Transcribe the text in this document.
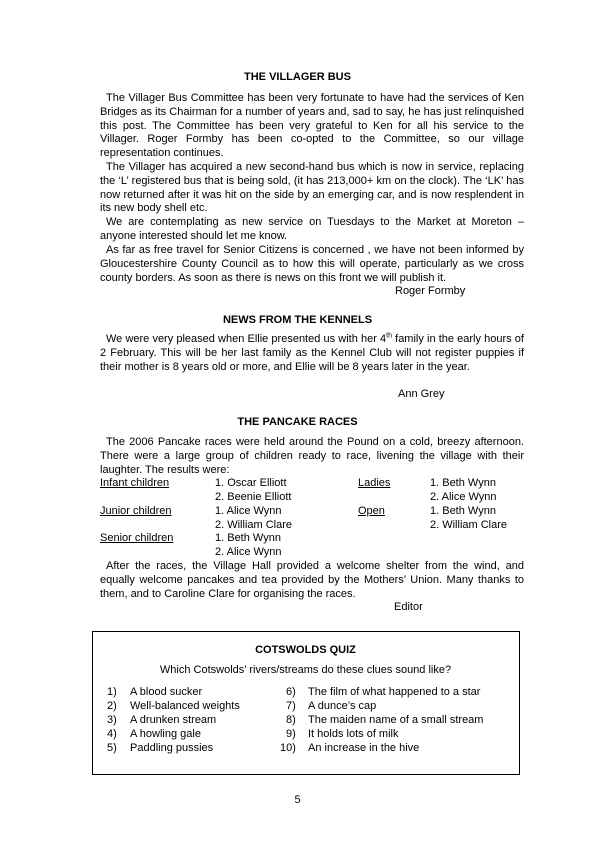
THE VILLAGER BUS

The Villager Bus Committee has been very fortunate to have had the services of Ken Bridges as its Chairman for a number of years and, sad to say, he has just relinquished this post. The Committee has been very grateful to Ken for all his service to the Villager. Roger Formby has been co-opted to the Committee, so our village representation continues.

The Villager has acquired a new second-hand bus which is now in service, replacing the ‘L’ registered bus that is being sold, (it has 213,000+ km on the clock). The ‘LK’ has now returned after it was hit on the side by an emerging car, and is now resplendent in its new body shell etc.

We are contemplating as new service on Tuesdays to the Market at Moreton – anyone interested should let me know.

As far as free travel for Senior Citizens is concerned , we have not been informed by Gloucestershire County Council as to how this will operate, particularly as we cross county borders. As soon as there is news on this front we will publish it.

Roger Formby

NEWS FROM THE KENNELS

We were very pleased when Ellie presented us with her 4th family in the early hours of 2 February. This will be her last family as the Kennel Club will not register puppies if their mother is 8 years old or more, and Ellie will be 8 years later in the year.

Ann Grey

THE PANCAKE RACES

The 2006 Pancake races were held around the Pound on a cold, breezy afternoon. There were a large group of children ready to race, livening the village with their laughter. The results were:

Infant children	1. Oscar Elliott

2. Beenie Elliott

Junior children	1. Alice Wynn

2. William Clare

Senior children	1. Beth Wynn

2. Alice Wynn

Ladies	1. Beth Wynn

2. Alice Wynn

Open	1. Beth Wynn

2. William Clare

After the races, the Village Hall provided a welcome shelter from the wind, and equally welcome pancakes and tea provided by the Mothers’ Union. Many thanks to them, and to Caroline Clare for organising the races.

Editor

COTSWOLDS QUIZ

Which Cotswolds’ rivers/streams do these clues sound like?

1) A blood sucker

2) Well-balanced weights

3) A drunken stream

4) A howling gale

5) Paddling pussies

6) The film of what happened to a star

7) A dunce’s cap

8) The maiden name of a small stream

9) It holds lots of milk

10) An increase in the hive

5
